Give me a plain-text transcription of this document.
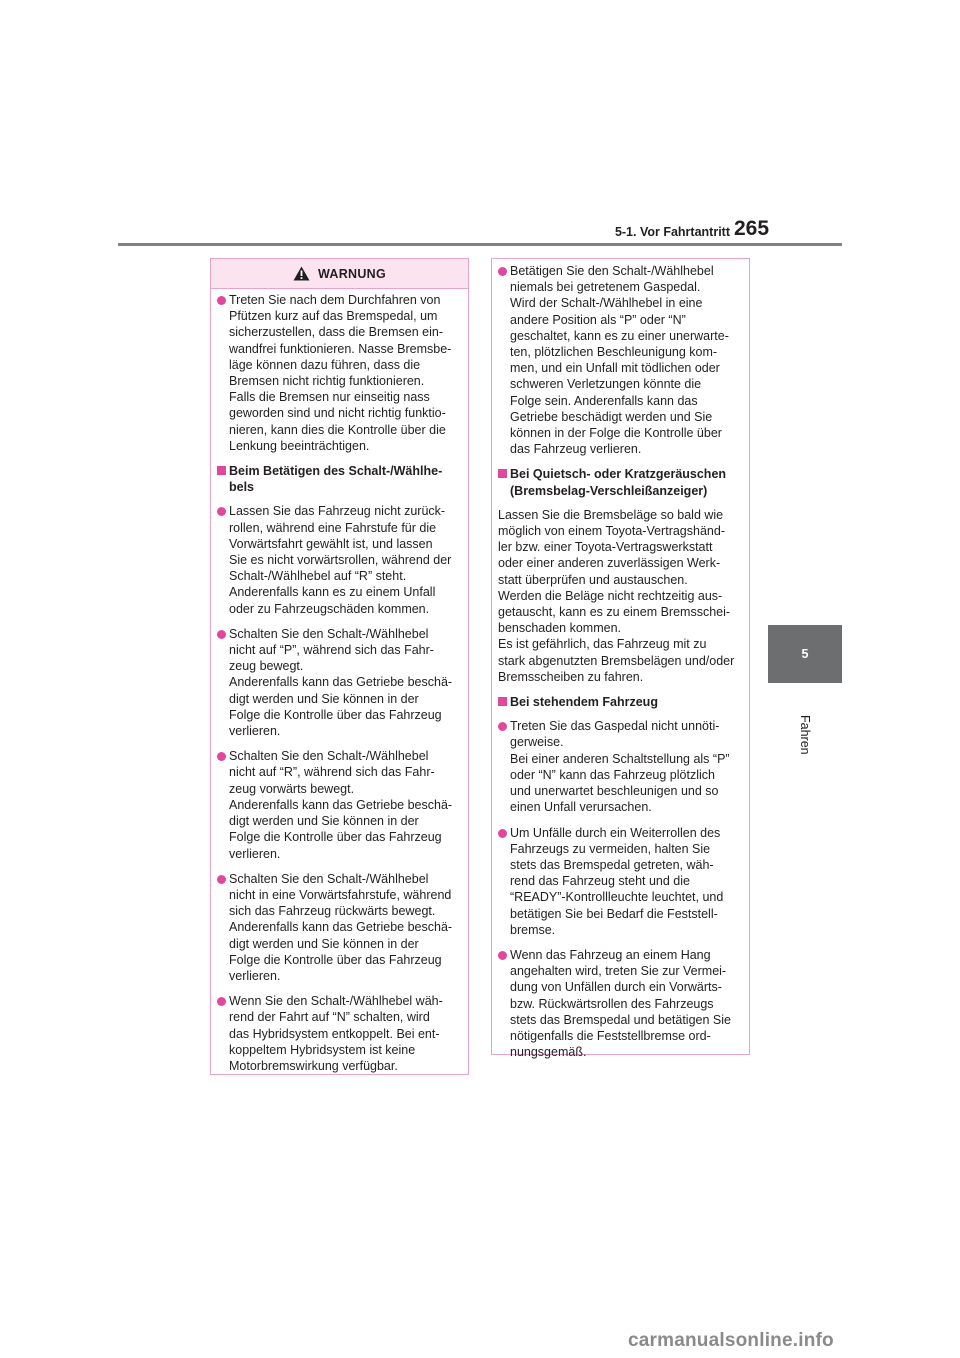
5-1. Vor Fahrtantritt 265
5
Fahren
WARNUNG
Treten Sie nach dem Durchfahren von
Pfützen kurz auf das Bremspedal, um
sicherzustellen, dass die Bremsen ein-
wandfrei funktionieren. Nasse Bremsbe-
läge können dazu führen, dass die
Bremsen nicht richtig funktionieren.
Falls die Bremsen nur einseitig nass
geworden sind und nicht richtig funktio-
nieren, kann dies die Kontrolle über die
Lenkung beeinträchtigen.
Beim Betätigen des Schalt-/Wählhe-
bels
Lassen Sie das Fahrzeug nicht zurück-
rollen, während eine Fahrstufe für die
Vorwärtsfahrt gewählt ist, und lassen
Sie es nicht vorwärtsrollen, während der
Schalt-/Wählhebel auf “R” steht.
Anderenfalls kann es zu einem Unfall
oder zu Fahrzeugschäden kommen.
Schalten Sie den Schalt-/Wählhebel
nicht auf “P”, während sich das Fahr-
zeug bewegt.
Anderenfalls kann das Getriebe beschä-
digt werden und Sie können in der
Folge die Kontrolle über das Fahrzeug
verlieren.
Schalten Sie den Schalt-/Wählhebel
nicht auf “R”, während sich das Fahr-
zeug vorwärts bewegt.
Anderenfalls kann das Getriebe beschä-
digt werden und Sie können in der
Folge die Kontrolle über das Fahrzeug
verlieren.
Schalten Sie den Schalt-/Wählhebel
nicht in eine Vorwärtsfahrstufe, während
sich das Fahrzeug rückwärts bewegt.
Anderenfalls kann das Getriebe beschä-
digt werden und Sie können in der
Folge die Kontrolle über das Fahrzeug
verlieren.
Wenn Sie den Schalt-/Wählhebel wäh-
rend der Fahrt auf “N” schalten, wird
das Hybridsystem entkoppelt. Bei ent-
koppeltem Hybridsystem ist keine
Motorbremswirkung verfügbar.
Betätigen Sie den Schalt-/Wählhebel
niemals bei getretenem Gaspedal.
Wird der Schalt-/Wählhebel in eine
andere Position als “P” oder “N”
geschaltet, kann es zu einer unerwarte-
ten, plötzlichen Beschleunigung kom-
men, und ein Unfall mit tödlichen oder
schweren Verletzungen könnte die
Folge sein. Anderenfalls kann das
Getriebe beschädigt werden und Sie
können in der Folge die Kontrolle über
das Fahrzeug verlieren.
Bei Quietsch- oder Kratzgeräuschen
(Bremsbelag-Verschleißanzeiger)
Lassen Sie die Bremsbeläge so bald wie
möglich von einem Toyota-Vertragshänd-
ler bzw. einer Toyota-Vertragswerkstatt
oder einer anderen zuverlässigen Werk-
statt überprüfen und austauschen.
Werden die Beläge nicht rechtzeitig aus-
getauscht, kann es zu einem Bremsschei-
benschaden kommen.
Es ist gefährlich, das Fahrzeug mit zu
stark abgenutzten Bremsbelägen und/oder
Bremsscheiben zu fahren.
Bei stehendem Fahrzeug
Treten Sie das Gaspedal nicht unnöti-
gerweise.
Bei einer anderen Schaltstellung als “P”
oder “N” kann das Fahrzeug plötzlich
und unerwartet beschleunigen und so
einen Unfall verursachen.
Um Unfälle durch ein Weiterrollen des
Fahrzeugs zu vermeiden, halten Sie
stets das Bremspedal getreten, wäh-
rend das Fahrzeug steht und die
“READY”-Kontrollleuchte leuchtet, und
betätigen Sie bei Bedarf die Feststell-
bremse.
Wenn das Fahrzeug an einem Hang
angehalten wird, treten Sie zur Vermei-
dung von Unfällen durch ein Vorwärts-
bzw. Rückwärtsrollen des Fahrzeugs
stets das Bremspedal und betätigen Sie
nötigenfalls die Feststellbremse ord-
nungsgemäß.
carmanualsonline.info
